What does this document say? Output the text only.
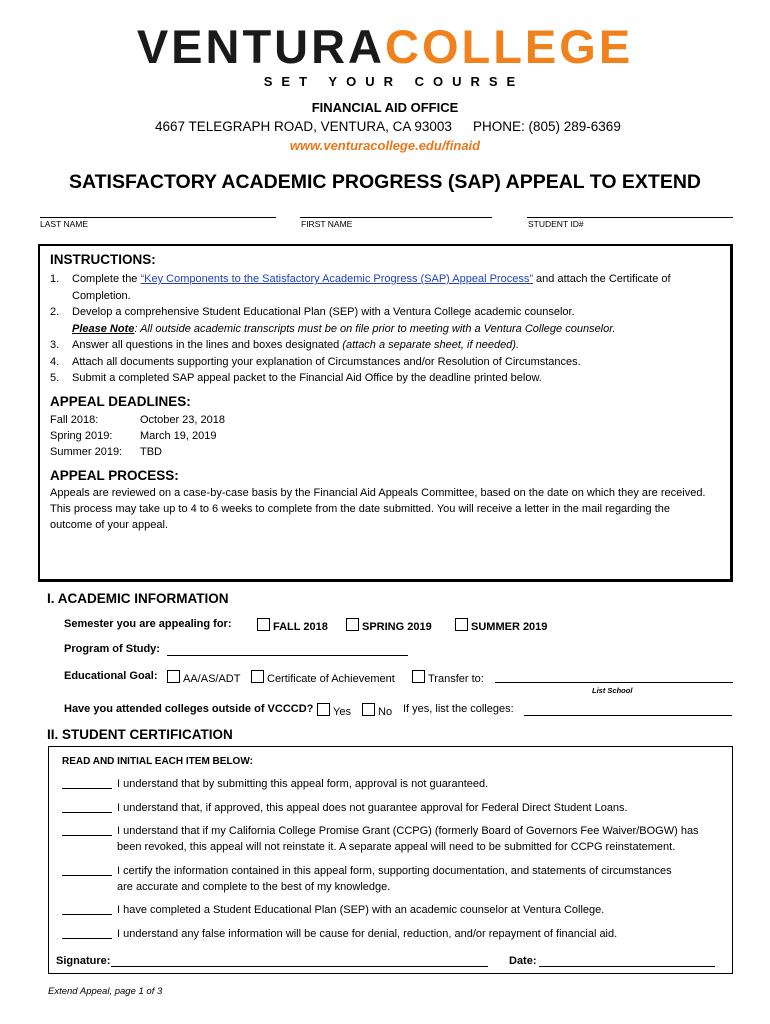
VENTURACOLLEGE
SET YOUR COURSE
FINANCIAL AID OFFICE
4667 TELEGRAPH ROAD, VENTURA, CA 93003 PHONE: (805) 289-6369
www.venturacollege.edu/finaid
SATISFACTORY ACADEMIC PROGRESS (SAP) APPEAL TO EXTEND
LAST NAME	FIRST NAME	STUDENT ID#
INSTRUCTIONS:
1. Complete the “Key Components to the Satisfactory Academic Progress (SAP) Appeal Process” and attach the Certificate of
Completion.
2. Develop a comprehensive Student Educational Plan (SEP) with a Ventura College academic counselor.
Please Note: All outside academic transcripts must be on file prior to meeting with a Ventura College counselor.
3. Answer all questions in the lines and boxes designated (attach a separate sheet, if needed).
4. Attach all documents supporting your explanation of Circumstances and/or Resolution of Circumstances.
5. Submit a completed SAP appeal packet to the Financial Aid Office by the deadline printed below.
APPEAL DEADLINES:
Fall 2018:	October 23, 2018
Spring 2019:	March 19, 2019
Summer 2019: TBD
APPEAL PROCESS:
Appeals are reviewed on a case-by-case basis by the Financial Aid Appeals Committee, based on the date on which they are received.
This process may take up to 4 to 6 weeks to complete from the date submitted. You will receive a letter in the mail regarding the
outcome of your appeal.
I. ACADEMIC INFORMATION
Semester you are appealing for:	FALL 2018	SPRING 2019	SUMMER 2019
Program of Study:
Educational Goal:	AA/AS/ADT	Certificate of Achievement	Transfer to:
List School
Have you attended colleges outside of VCCCD?	Yes	No If yes, list the colleges:
II. STUDENT CERTIFICATION
READ AND INITIAL EACH ITEM BELOW:
I understand that by submitting this appeal form, approval is not guaranteed.
I understand that, if approved, this appeal does not guarantee approval for Federal Direct Student Loans.
I understand that if my California College Promise Grant (CCPG) (formerly Board of Governors Fee Waiver/BOGW) has
been revoked, this appeal will not reinstate it. A separate appeal will need to be submitted for CCPG reinstatement.
I certify the information contained in this appeal form, supporting documentation, and statements of circumstances
are accurate and complete to the best of my knowledge.
I have completed a Student Educational Plan (SEP) with an academic counselor at Ventura College.
I understand any false information will be cause for denial, reduction, and/or repayment of financial aid.
Signature:	Date:
Extend Appeal, page 1 of 3
